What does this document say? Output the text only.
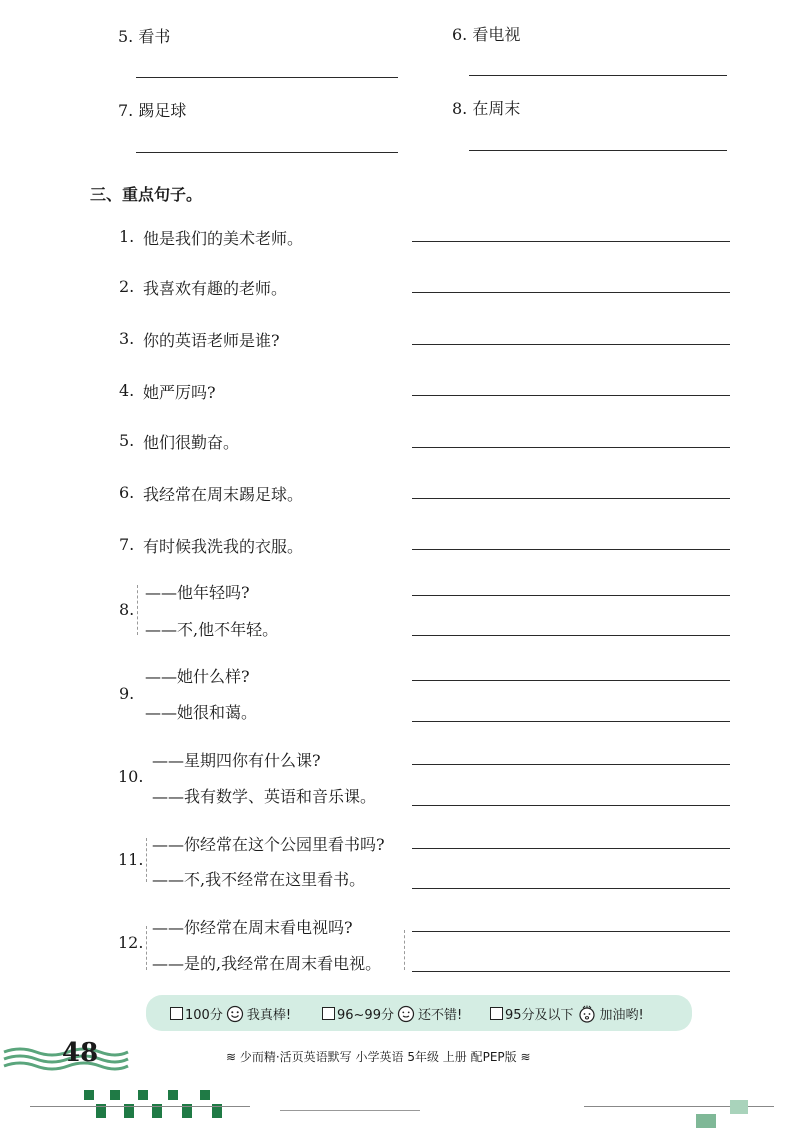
5. 看书	6. 看电视
7. 踢足球	8. 在周末
三、重点句子。
1. 他是我们的美术老师。
2. 我喜欢有趣的老师。
3. 你的英语老师是谁?
4. 她严厉吗?
5. 他们很勤奋。
6. 我经常在周末踢足球。
7. 有时候我洗我的衣服。
8.
——他年轻吗?
——不,他不年轻。
9.
——她什么样?
——她很和蔼。
10.
——星期四你有什么课?
——我有数学、英语和音乐课。
11.
——你经常在这个公园里看书吗?
——不,我不经常在这里看书。
12.
——你经常在周末看电视吗?
——是的,我经常在周末看电视。
100分 我真棒!	96~99分 还不错!	95分及以下 加油哟!
48	≋ 少而精·活页英语默写 小学英语 5年级 上册 配PEP版 ≋
